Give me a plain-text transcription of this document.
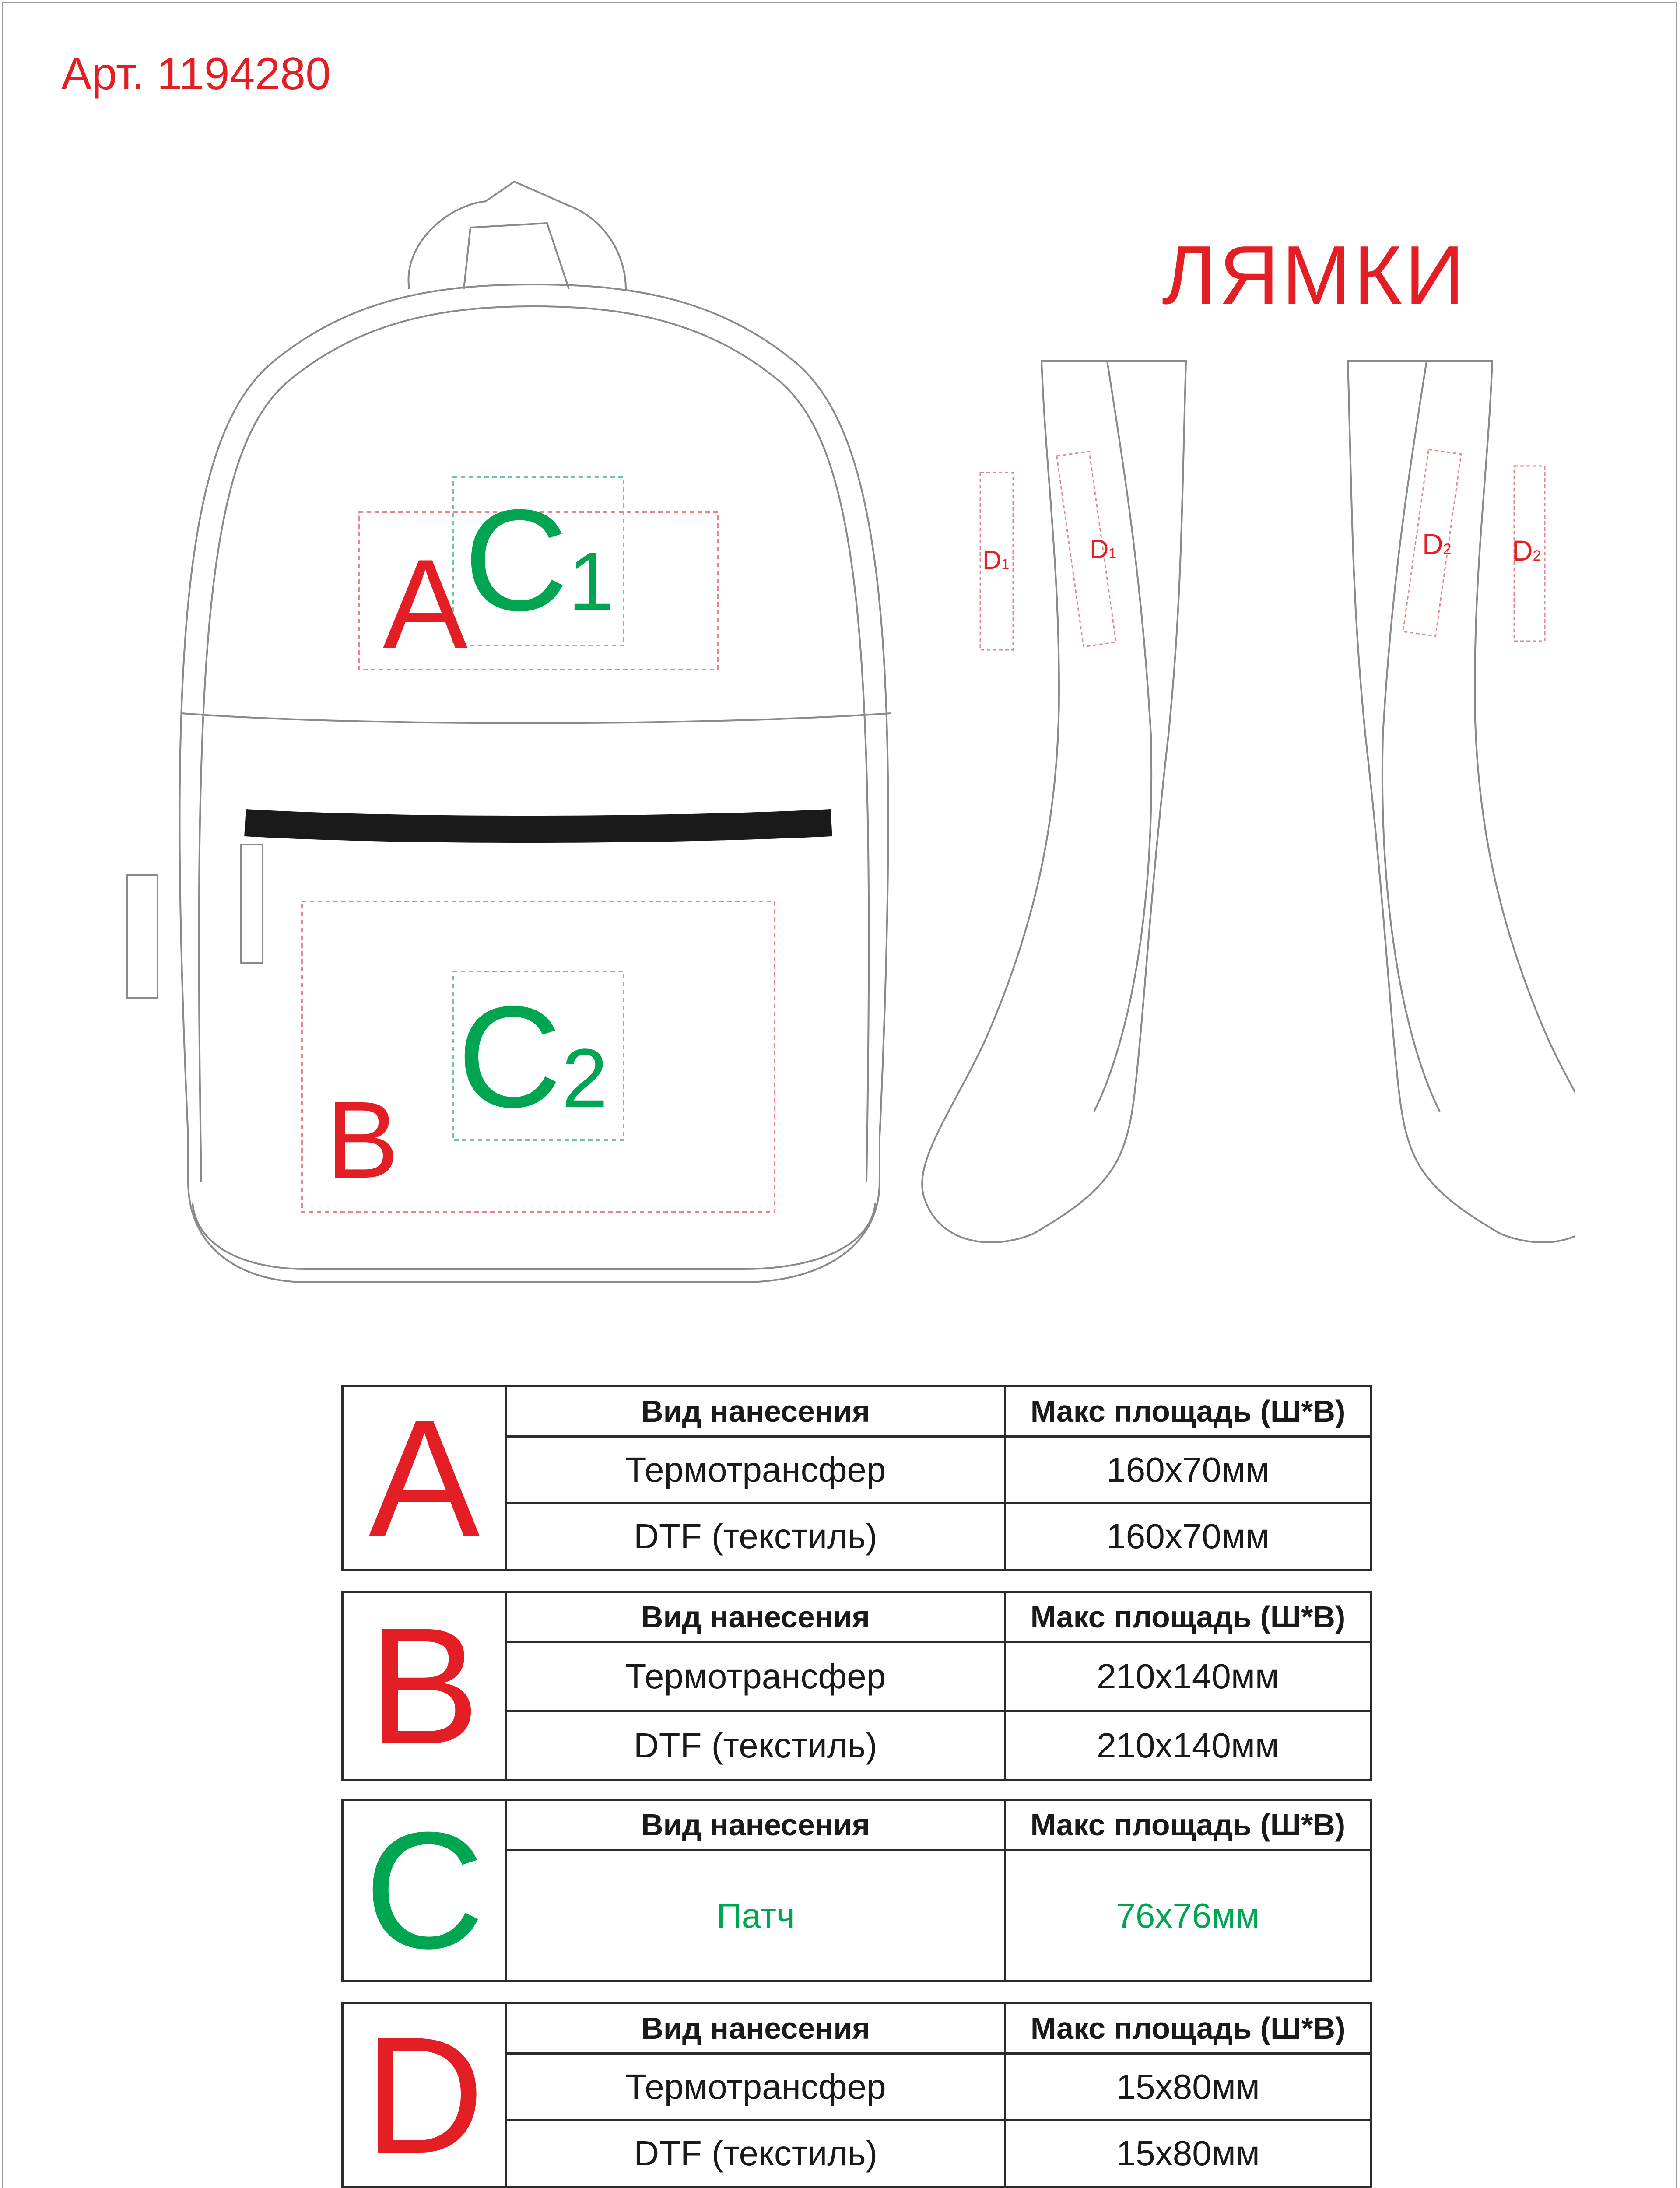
Арт. 1194280
A
C1
C2
B
ЛЯМКИ
D1
D1	D2 D2
A	Вид нанесения	Макс площадь (Ш*В)
	Термотрансфер	160х70мм
	DTF (текстиль)	160х70мм
B	Вид нанесения	Макс площадь (Ш*В)
	Термотрансфер	210х140мм
	DTF (текстиль)	210х140мм
C	Вид нанесения	Макс площадь (Ш*В)
	Патч	76х76мм
D	Вид нанесения	Макс площадь (Ш*В)
	Термотрансфер	15х80мм
	DTF (текстиль)	15х80мм
